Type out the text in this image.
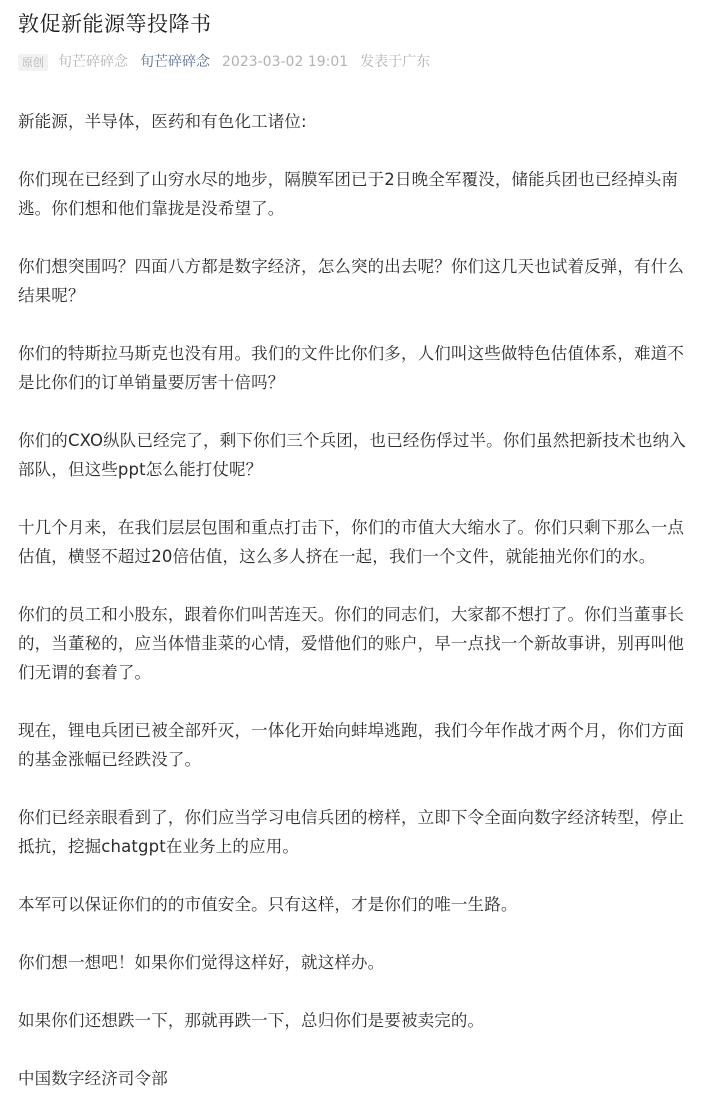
敦促新能源等投降书
原创 旬芒碎碎念 旬芒碎碎念 2023-03-02 19:01 发表于广东

新能源，半导体，医药和有色化工诸位:

你们现在已经到了山穷水尽的地步，隔膜军团已于2日晚全军覆没，储能兵团也已经掉头南逃。你们想和他们靠拢是没希望了。

你们想突围吗？四面八方都是数字经济，怎么突的出去呢？你们这几天也试着反弹，有什么结果呢？

你们的特斯拉马斯克也没有用。我们的文件比你们多，人们叫这些做特色估值体系，难道不是比你们的订单销量要厉害十倍吗？

你们的CXO纵队已经完了，剩下你们三个兵团，也已经伤俘过半。你们虽然把新技术也纳入部队，但这些ppt怎么能打仗呢？

十几个月来，在我们层层包围和重点打击下，你们的市值大大缩水了。你们只剩下那么一点估值，横竖不超过20倍估值，这么多人挤在一起，我们一个文件，就能抽光你们的水。

你们的员工和小股东，跟着你们叫苦连天。你们的同志们，大家都不想打了。你们当董事长的，当董秘的，应当体惜韭菜的心情，爱惜他们的账户，早一点找一个新故事讲，别再叫他们无谓的套着了。

现在，锂电兵团已被全部歼灭，一体化开始向蚌埠逃跑，我们今年作战才两个月，你们方面的基金涨幅已经跌没了。

你们已经亲眼看到了，你们应当学习电信兵团的榜样，立即下令全面向数字经济转型，停止抵抗，挖掘chatgpt在业务上的应用。

本军可以保证你们的的市值安全。只有这样，才是你们的唯一生路。

你们想一想吧！如果你们觉得这样好，就这样办。

如果你们还想跌一下，那就再跌一下，总归你们是要被卖完的。

中国数字经济司令部
